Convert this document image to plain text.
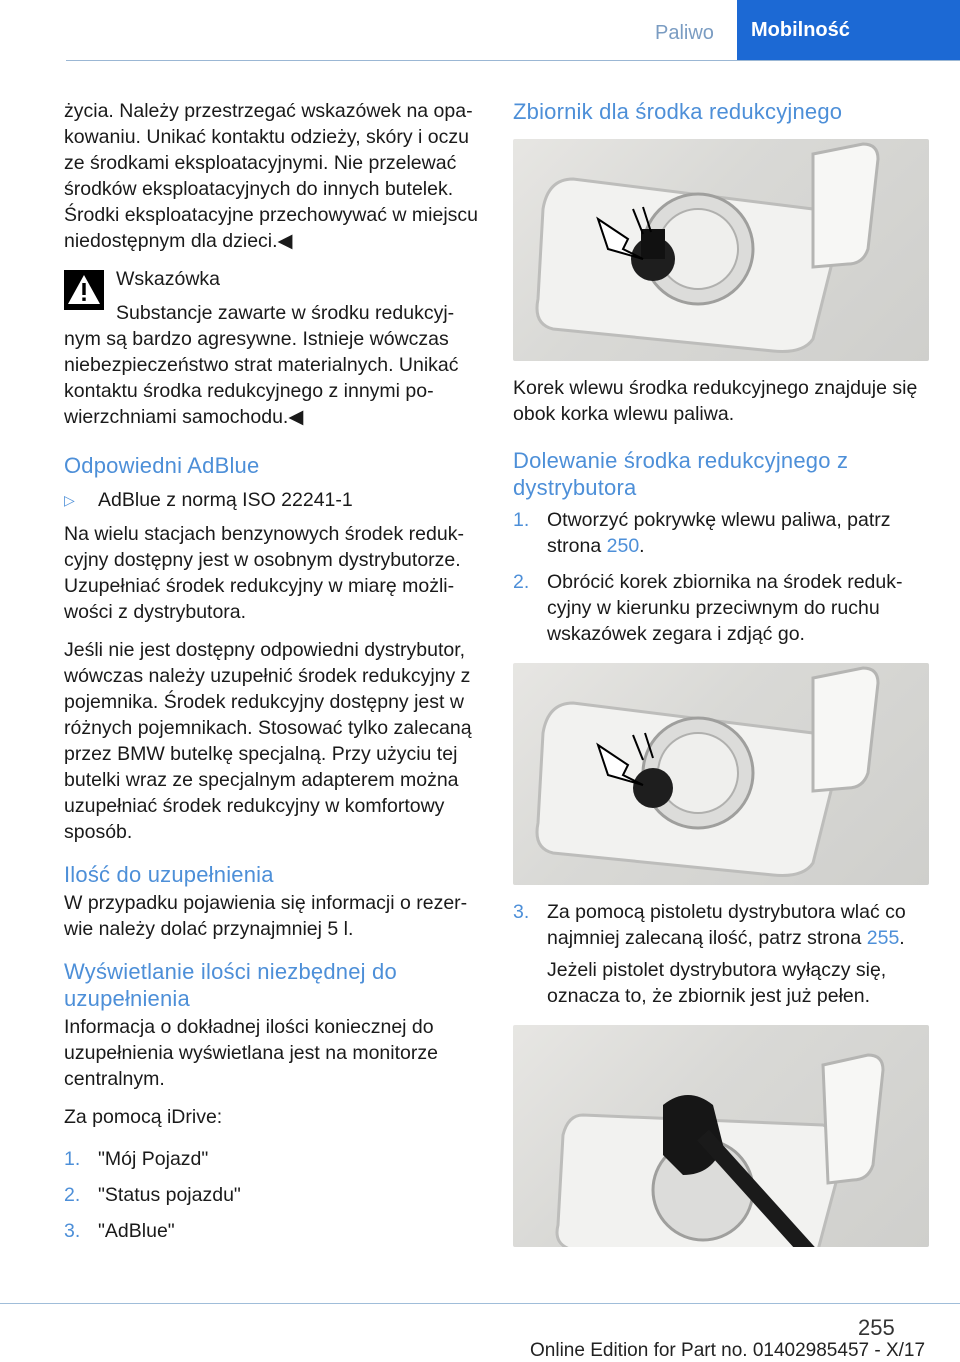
Paliwo Mobilność

życia. Należy przestrzegać wskazówek na opakowaniu. Unikać kontaktu odzieży, skóry i oczu ze środkami eksploatacyjnymi. Nie przelewać środków eksploatacyjnych do innych butelek. Środki eksploatacyjne przechowywać w miejscu niedostępnym dla dzieci.◀

Wskazówka

Substancje zawarte w środku redukcyjnym są bardzo agresywne. Istnieje wówczas niebezpieczeństwo strat materialnych. Unikać kontaktu środka redukcyjnego z innymi powierzchniami samochodu.◀

Odpowiedni AdBlue

▷	AdBlue z normą ISO 22241-1

Na wielu stacjach benzynowych środek redukcyjny dostępny jest w osobnym dystrybutorze. Uzupełniać środek redukcyjny w miarę możliwości z dystrybutora.

Jeśli nie jest dostępny odpowiedni dystrybutor, wówczas należy uzupełnić środek redukcyjny z pojemnika. Środek redukcyjny dostępny jest w różnych pojemnikach. Stosować tylko zalecaną przez BMW butelkę specjalną. Przy użyciu tej butelki wraz ze specjalnym adapterem można uzupełniać środek redukcyjny w komfortowy sposób.

Ilość do uzupełnienia

W przypadku pojawienia się informacji o rezerwie należy dolać przynajmniej 5 l.

Wyświetlanie ilości niezbędnej do uzupełnienia

Informacja o dokładnej ilości koniecznej do uzupełnienia wyświetlana jest na monitorze centralnym.

Za pomocą iDrive:

1. "Mój Pojazd"
2. "Status pojazdu"
3. "AdBlue"

Zbiornik dla środka redukcyjnego

Korek wlewu środka redukcyjnego znajduje się obok korka wlewu paliwa.

Dolewanie środka redukcyjnego z dystrybutora

1. Otworzyć pokrywkę wlewu paliwa, patrz strona 250.
2. Obrócić korek zbiornika na środek redukcyjny w kierunku przeciwnym do ruchu wskazówek zegara i zdjąć go.
3. Za pomocą pistoletu dystrybutora wlać co najmniej zalecaną ilość, patrz strona 255.

Jeżeli pistolet dystrybutora wyłączy się, oznacza to, że zbiornik jest już pełen.

255
Online Edition for Part no. 01402985457 - X/17
